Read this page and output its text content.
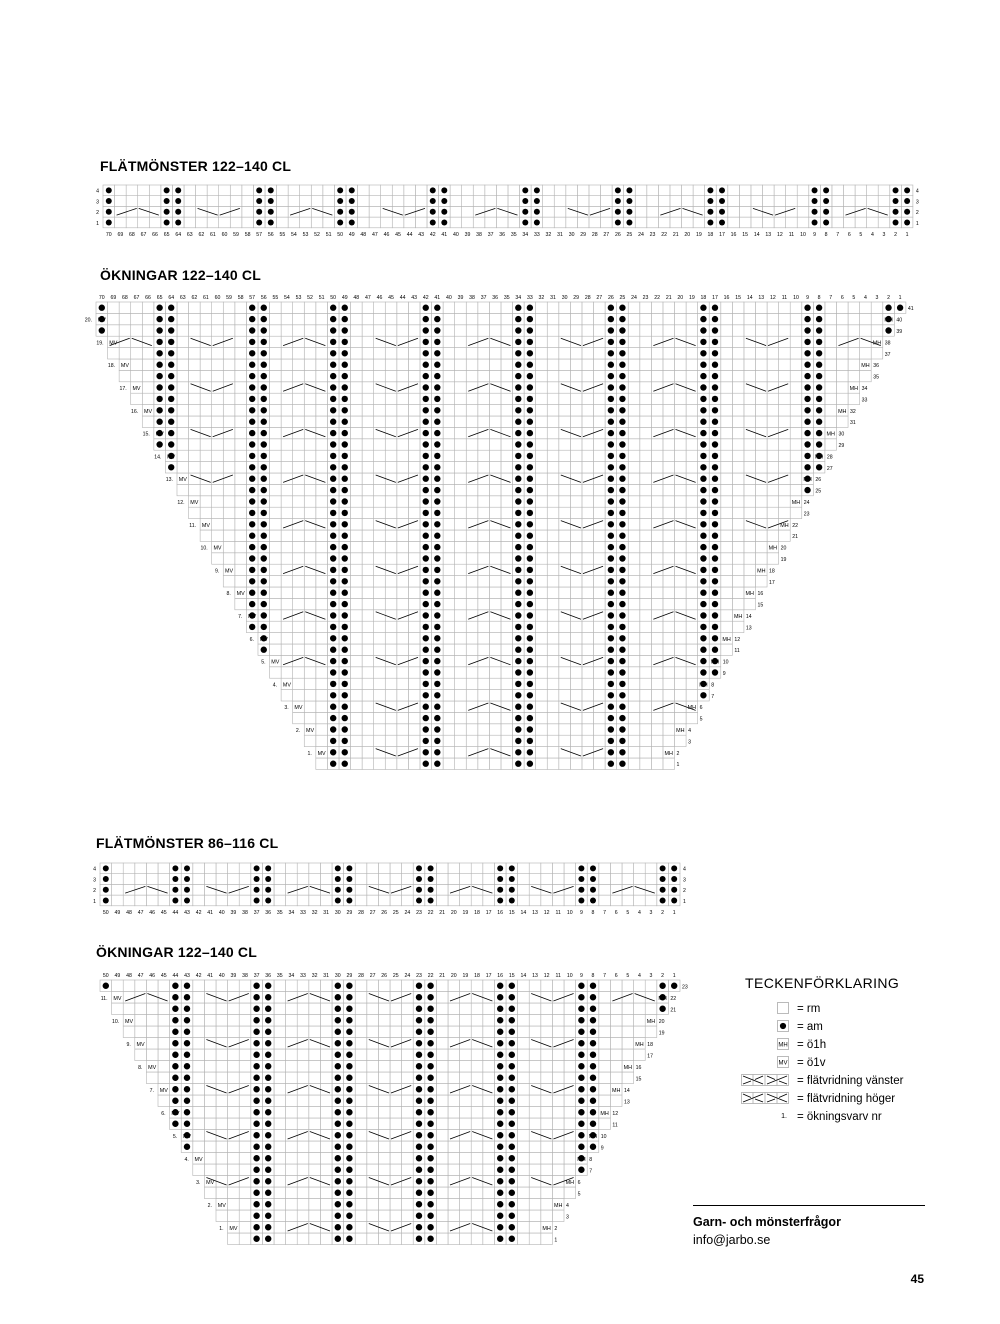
FLÄTMÖNSTER 122–140 CL
ÖKNINGAR 122–140 CL
FLÄTMÖNSTER 86–116 CL
ÖKNINGAR 122–140 CL
1
2
3
4
5
6
7
8
9
10
11
12
13
14
15
16
17
18
19
20
21
22
23
24
25
26
27
28
29
30
31
32
33
34
35
36
37
38
39
40
41
42
43
44
45
46
47
48
49
50
51
52
53
54
55
56
57
58
59
60
61
62
63
64
65
66
67
68
69
70
1	1
2	2
3	3
4	4
1
2
3
4
5
6
7
8
9
10
11
12
13
14
15
16
17
18
19
20
21
22
23
24
25
26
27
28
29
30
31
32
33
34
35
36
37
38
39
40
41
42
43
44
45
46
47
48
49
50
51
52
53
54
55
56
57
58
59
60
61
62
63
64
65
66
67
68
69
70
1
MH
MV
1.	2
3
MH
MV
2.	4
5
MH
MV
3.	6
7
MH
MV
4.	8
9
MH
MV
5.	10
11
MH
MV
6.	12
13
MH
MV
7.	14
15
MH
MV
8.	16
17
MH
MV
9.	18
19
MH
MV
10.	20
21
MH
MV
11.	22
23
MH
MV
12.	24
25
MH
MV
13.	26
27
MH
MV
14.	28
29
MH
MV
15.	30
31
MH
MV
16.	32
33
MH
MV
17.	34
35
MH
MV
18.	36
37
MH
MV
19.	38
39
MH
MV
20.	40
41
1
2
3
4
5
6
7
8
9
10
11
12
13
14
15
16
17
18
19
20
21
22
23
24
25
26
27
28
29
30
31
32
33
34
35
36
37
38
39
40
41
42
43
44
45
46
47
48
49
50
1	1
2	2
3	3
4	4
1
2
3
4
5
6
7
8
9
10
11
12
13
14
15
16
17
18
19
20
21
22
23
24
25
26
27
28
29
30
31
32
33
34
35
36
37
38
39
40
41
42
43
44
45
46
47
48
49
50
1
MH
MV
1.	2
3
MH
MV
2.	4
5
MH
MV
3.	6
7
MH
MV
4.	8
9
MH
MV
5.	10
11
MH
MV
6.	12
13
MH
MV
7.	14
15
MH
MV
8.	16
17
MH
MV
9.	18
19
MH
MV
10.	20
21
MH
MV
11.	22
23	TECKENFÖRKLARING
= rm
= am
MH = ö1h
MV = ö1v
= flätvridning vänster
= flätvridning höger
1. = ökningsvarv nr
Garn- och mönsterfrågor
info@jarbo.se
45
